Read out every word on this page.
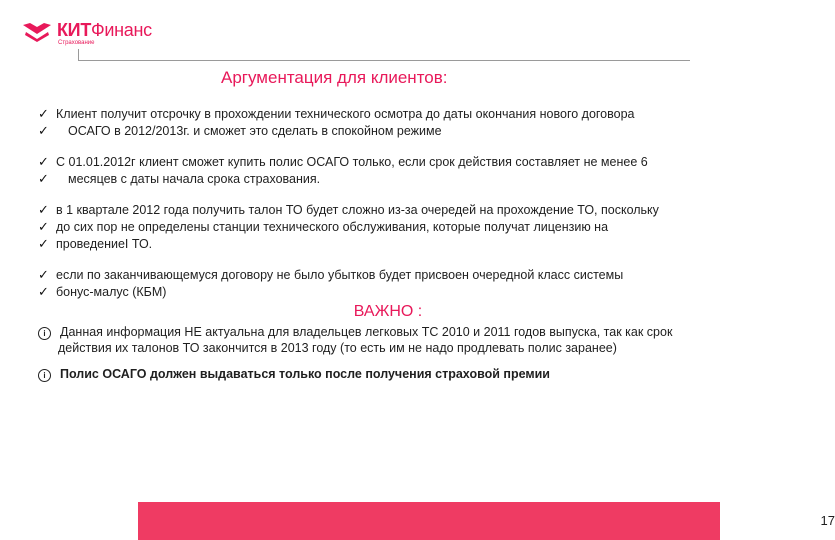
КИТФинанс
Страхование
Аргументация для клиентов:

✓ Клиент получит отсрочку в прохождении технического осмотра до даты окончания нового договора

✓ ОСАГО в 2012/2013г. и сможет это сделать в спокойном режиме

✓ С 01.01.2012г клиент сможет купить полис ОСАГО только, если срок действия составляет не менее 6

✓ месяцев с даты начала срока страхования.

✓ в 1 квартале 2012 года получить талон ТО будет сложно из-за очередей на прохождение ТО, поскольку

✓ до сих пор не определены станции технического обслуживания, которые получат лицензию на

✓ проведениеI ТО.

✓ если по заканчивающемуся договору не было убытков будет присвоен очередной класс системы

✓ бонус-малус (КБМ)

ВАЖНО :

i Данная информация НЕ актуальна для владельцев легковых ТС 2010 и 2011 годов выпуска, так как срок

действия их талонов ТО закончится в 2013 году (то есть им не надо продлевать полис заранее)

i Полис ОСАГО должен выдаваться только после получения страховой премии

17
